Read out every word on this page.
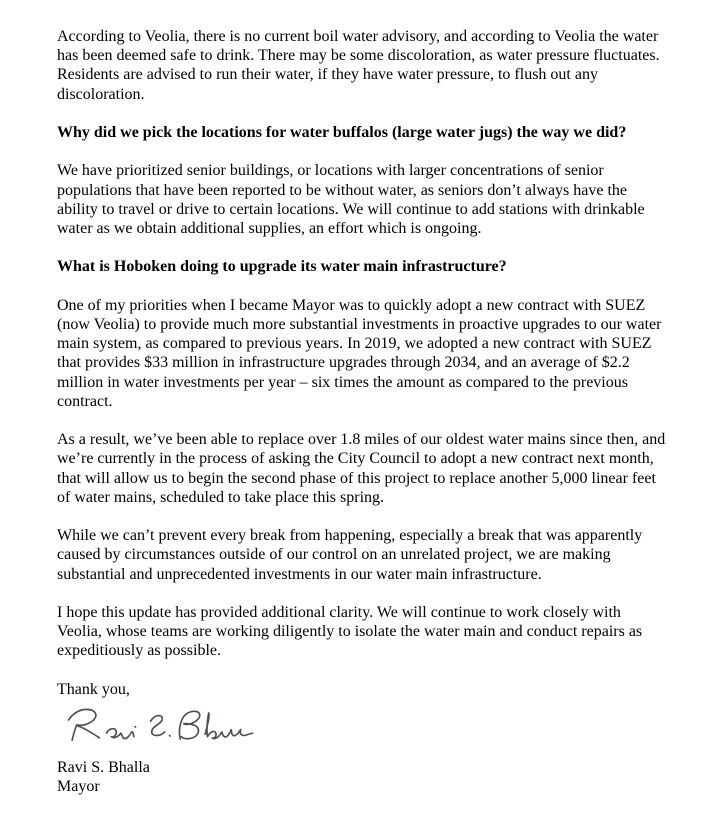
According to Veolia, there is no current boil water advisory, and according to Veolia the water has been deemed safe to drink. There may be some discoloration, as water pressure fluctuates. Residents are advised to run their water, if they have water pressure, to flush out any discoloration.

Why did we pick the locations for water buffalos (large water jugs) the way we did?

We have prioritized senior buildings, or locations with larger concentrations of senior populations that have been reported to be without water, as seniors don’t always have the ability to travel or drive to certain locations. We will continue to add stations with drinkable water as we obtain additional supplies, an effort which is ongoing.

What is Hoboken doing to upgrade its water main infrastructure?

One of my priorities when I became Mayor was to quickly adopt a new contract with SUEZ (now Veolia) to provide much more substantial investments in proactive upgrades to our water main system, as compared to previous years. In 2019, we adopted a new contract with SUEZ that provides $33 million in infrastructure upgrades through 2034, and an average of $2.2 million in water investments per year – six times the amount as compared to the previous contract.

As a result, we’ve been able to replace over 1.8 miles of our oldest water mains since then, and we’re currently in the process of asking the City Council to adopt a new contract next month, that will allow us to begin the second phase of this project to replace another 5,000 linear feet of water mains, scheduled to take place this spring.

While we can’t prevent every break from happening, especially a break that was apparently caused by circumstances outside of our control on an unrelated project, we are making substantial and unprecedented investments in our water main infrastructure.

I hope this update has provided additional clarity. We will continue to work closely with Veolia, whose teams are working diligently to isolate the water main and conduct repairs as expeditiously as possible.

Thank you,

Ravi S. Bhalla

Mayor
